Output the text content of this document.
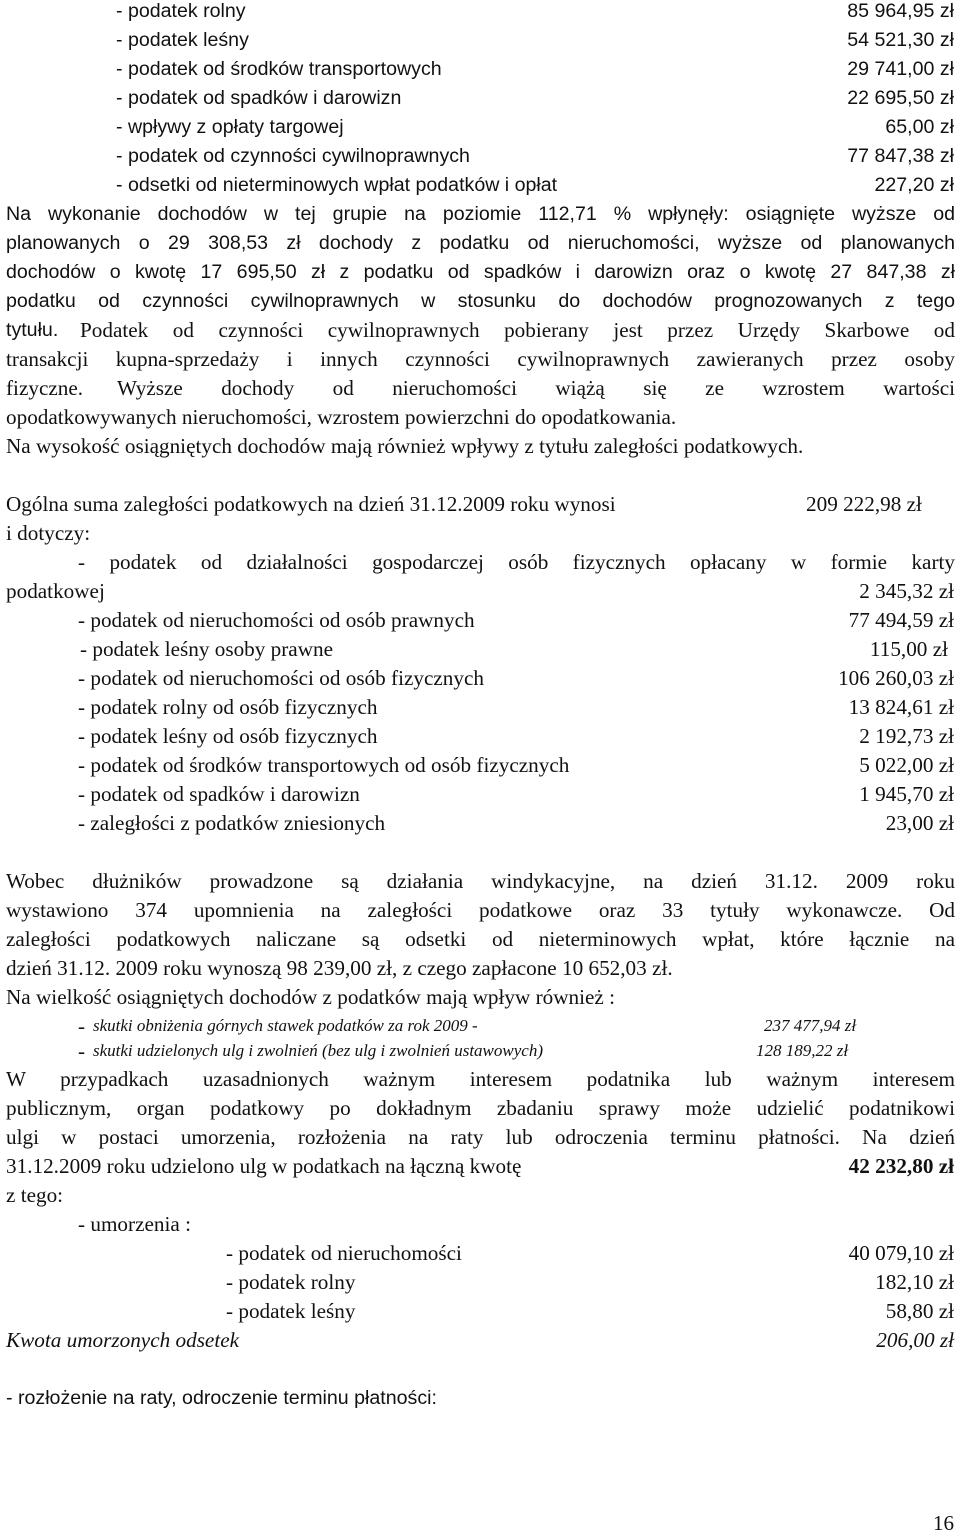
- podatek rolny	85 964,95 zł
- podatek leśny	54 521,30 zł
- podatek od środków transportowych	29 741,00 zł
- podatek od spadków i darowizn	22 695,50 zł
- wpływy z opłaty targowej	65,00 zł
- podatek od czynności cywilnoprawnych	77 847,38 zł
- odsetki od nieterminowych wpłat podatków i opłat	227,20 zł
Na wykonanie dochodów w tej grupie na poziomie 112,71 % wpłynęły: osiągnięte wyższe od
planowanych o 29 308,53 zł dochody z podatku od nieruchomości, wyższe od planowanych
dochodów o kwotę 17 695,50 zł z podatku od spadków i darowizn oraz o kwotę 27 847,38 zł
podatku od czynności cywilnoprawnych w stosunku do dochodów prognozowanych z tego
tytułu. Podatek od czynności cywilnoprawnych pobierany jest przez Urzędy Skarbowe od
transakcji kupna-sprzedaży i innych czynności cywilnoprawnych zawieranych przez osoby
fizyczne. Wyższe dochody od nieruchomości wiążą się ze wzrostem wartości
opodatkowywanych nieruchomości, wzrostem powierzchni do opodatkowania.
Na wysokość osiągniętych dochodów mają również wpływy z tytułu zaległości podatkowych.
Ogólna suma zaległości podatkowych na dzień 31.12.2009 roku wynosi	209 222,98 zł
i dotyczy:
- podatek od działalności gospodarczej osób fizycznych opłacany w formie karty
podatkowej	2 345,32 zł
- podatek od nieruchomości od osób prawnych	77 494,59 zł
- podatek leśny osoby prawne	115,00 zł
- podatek od nieruchomości od osób fizycznych	106 260,03 zł
- podatek rolny od osób fizycznych	13 824,61 zł
- podatek leśny od osób fizycznych	2 192,73 zł
- podatek od środków transportowych od osób fizycznych	5 022,00 zł
- podatek od spadków i darowizn	1 945,70 zł
- zaległości z podatków zniesionych	23,00 zł
Wobec dłużników prowadzone są działania windykacyjne, na dzień 31.12. 2009 roku
wystawiono 374 upomnienia na zaległości podatkowe oraz 33 tytuły wykonawcze. Od
zaległości podatkowych naliczane są odsetki od nieterminowych wpłat, które łącznie na
dzień 31.12. 2009 roku wynoszą 98 239,00 zł, z czego zapłacone 10 652,03 zł.
Na wielkość osiągniętych dochodów z podatków mają wpływ również :
- skutki obniżenia górnych stawek podatków za rok 2009 -	237 477,94 zł
- skutki udzielonych ulg i zwolnień (bez ulg i zwolnień ustawowych)	128 189,22 zł
W przypadkach uzasadnionych ważnym interesem podatnika lub ważnym interesem
publicznym, organ podatkowy po dokładnym zbadaniu sprawy może udzielić podatnikowi
ulgi w postaci umorzenia, rozłożenia na raty lub odroczenia terminu płatności. Na dzień
31.12.2009 roku udzielono ulg w podatkach na łączną kwotę	42 232,80 zł
z tego:
- umorzenia :
- podatek od nieruchomości	40 079,10 zł
- podatek rolny	182,10 zł
- podatek leśny	58,80 zł
Kwota umorzonych odsetek	206,00 zł
- rozłożenie na raty, odroczenie terminu płatności:
16
